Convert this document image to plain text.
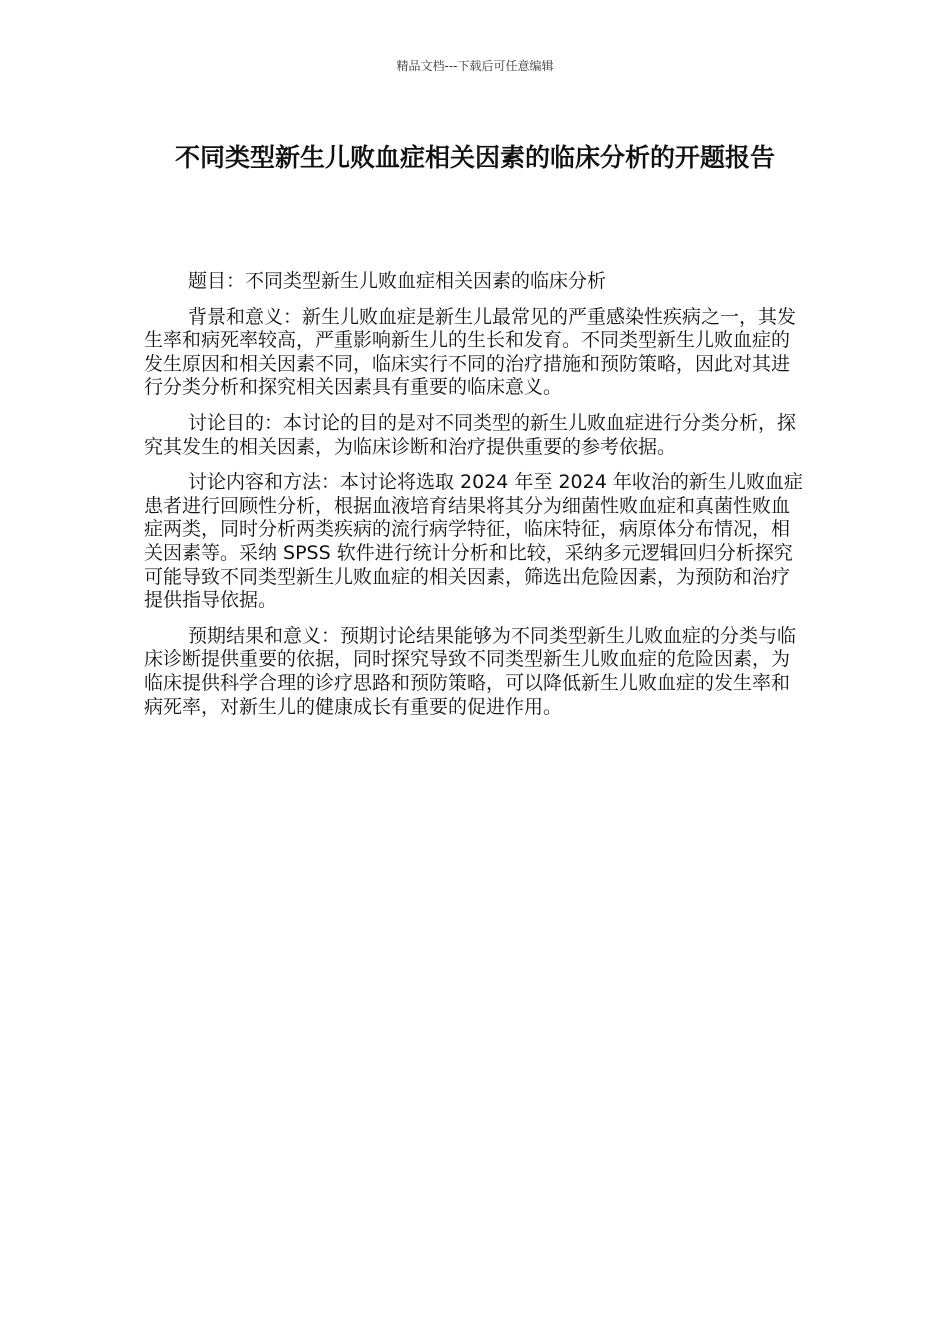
精品文档---下载后可任意编辑
不同类型新生儿败血症相关因素的临床分析的开题报告

题目：不同类型新生儿败血症相关因素的临床分析

背景和意义：新生儿败血症是新生儿最常见的严重感染性疾病之一，其发生率和病死率较高，严重影响新生儿的生长和发育。不同类型新生儿败血症的发生原因和相关因素不同，临床实行不同的治疗措施和预防策略，因此对其进行分类分析和探究相关因素具有重要的临床意义。

讨论目的：本讨论的目的是对不同类型的新生儿败血症进行分类分析，探究其发生的相关因素，为临床诊断和治疗提供重要的参考依据。

讨论内容和方法：本讨论将选取 2024 年至 2024 年收治的新生儿败血症患者进行回顾性分析，根据血液培育结果将其分为细菌性败血症和真菌性败血症两类，同时分析两类疾病的流行病学特征，临床特征，病原体分布情况，相关因素等。采纳 SPSS 软件进行统计分析和比较，采纳多元逻辑回归分析探究可能导致不同类型新生儿败血症的相关因素，筛选出危险因素，为预防和治疗提供指导依据。

预期结果和意义：预期讨论结果能够为不同类型新生儿败血症的分类与临床诊断提供重要的依据，同时探究导致不同类型新生儿败血症的危险因素，为临床提供科学合理的诊疗思路和预防策略，可以降低新生儿败血症的发生率和病死率，对新生儿的健康成长有重要的促进作用。
